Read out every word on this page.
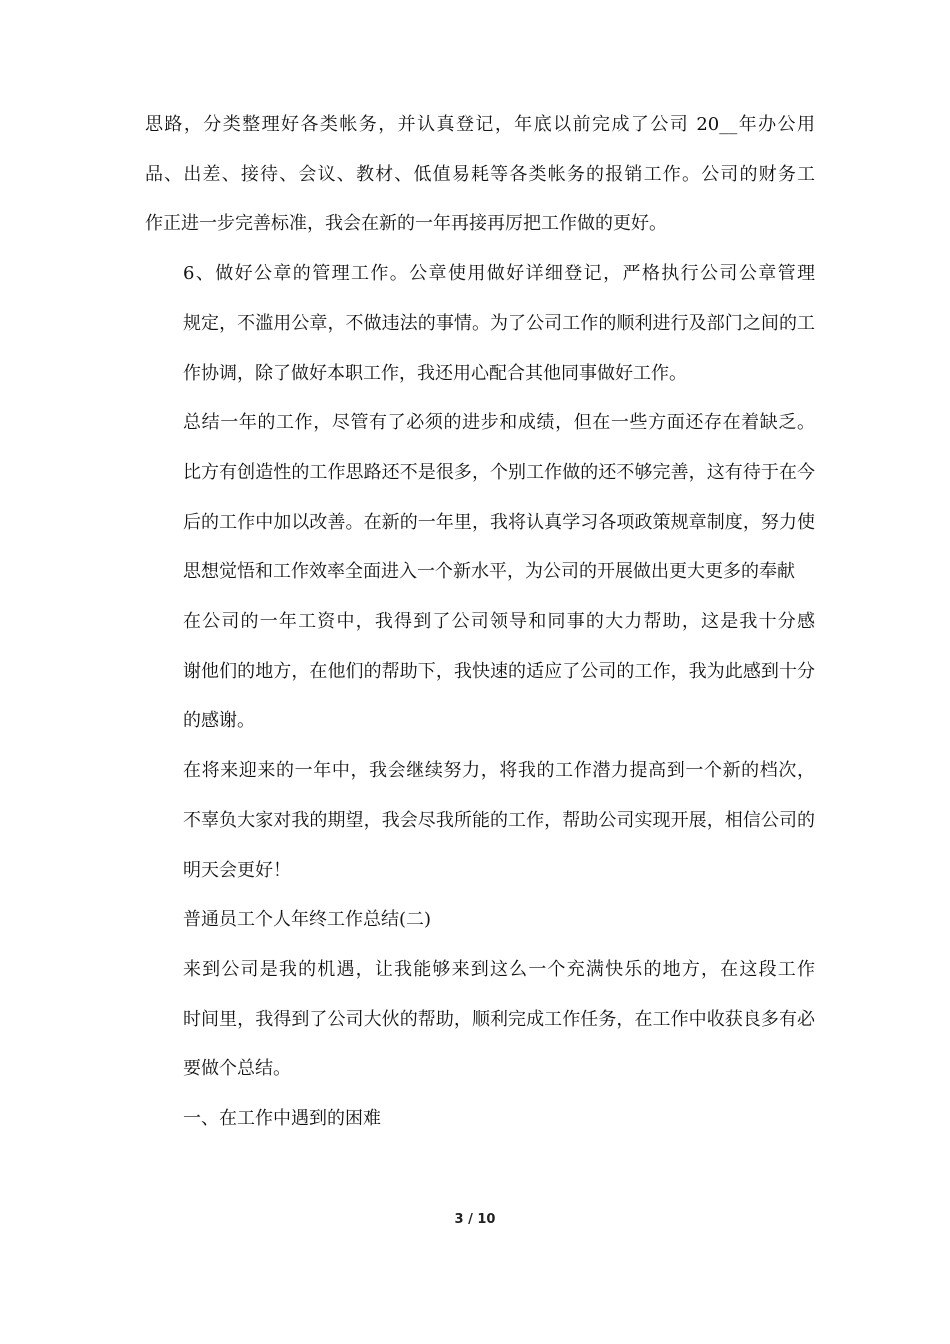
思路，分类整理好各类帐务，并认真登记，年底以前完成了公司 20__年办公用
品、出差、接待、会议、教材、低值易耗等各类帐务的报销工作。公司的财务工
作正进一步完善标准，我会在新的一年再接再厉把工作做的更好。

6、做好公章的管理工作。公章使用做好详细登记，严格执行公司公章管理
规定，不滥用公章，不做违法的事情。为了公司工作的顺利进行及部门之间的工
作协调，除了做好本职工作，我还用心配合其他同事做好工作。

总结一年的工作，尽管有了必须的进步和成绩，但在一些方面还存在着缺乏。
比方有创造性的工作思路还不是很多，个别工作做的还不够完善，这有待于在今
后的工作中加以改善。在新的一年里，我将认真学习各项政策规章制度，努力使
思想觉悟和工作效率全面进入一个新水平，为公司的开展做出更大更多的奉献

在公司的一年工资中，我得到了公司领导和同事的大力帮助，这是我十分感
谢他们的地方，在他们的帮助下，我快速的适应了公司的工作，我为此感到十分
的感谢。

在将来迎来的一年中，我会继续努力，将我的工作潜力提高到一个新的档次，
不辜负大家对我的期望，我会尽我所能的工作，帮助公司实现开展，相信公司的
明天会更好！

普通员工个人年终工作总结(二)

来到公司是我的机遇，让我能够来到这么一个充满快乐的地方，在这段工作
时间里，我得到了公司大伙的帮助，顺利完成工作任务，在工作中收获良多有必
要做个总结。

一、在工作中遇到的困难

3 / 10
